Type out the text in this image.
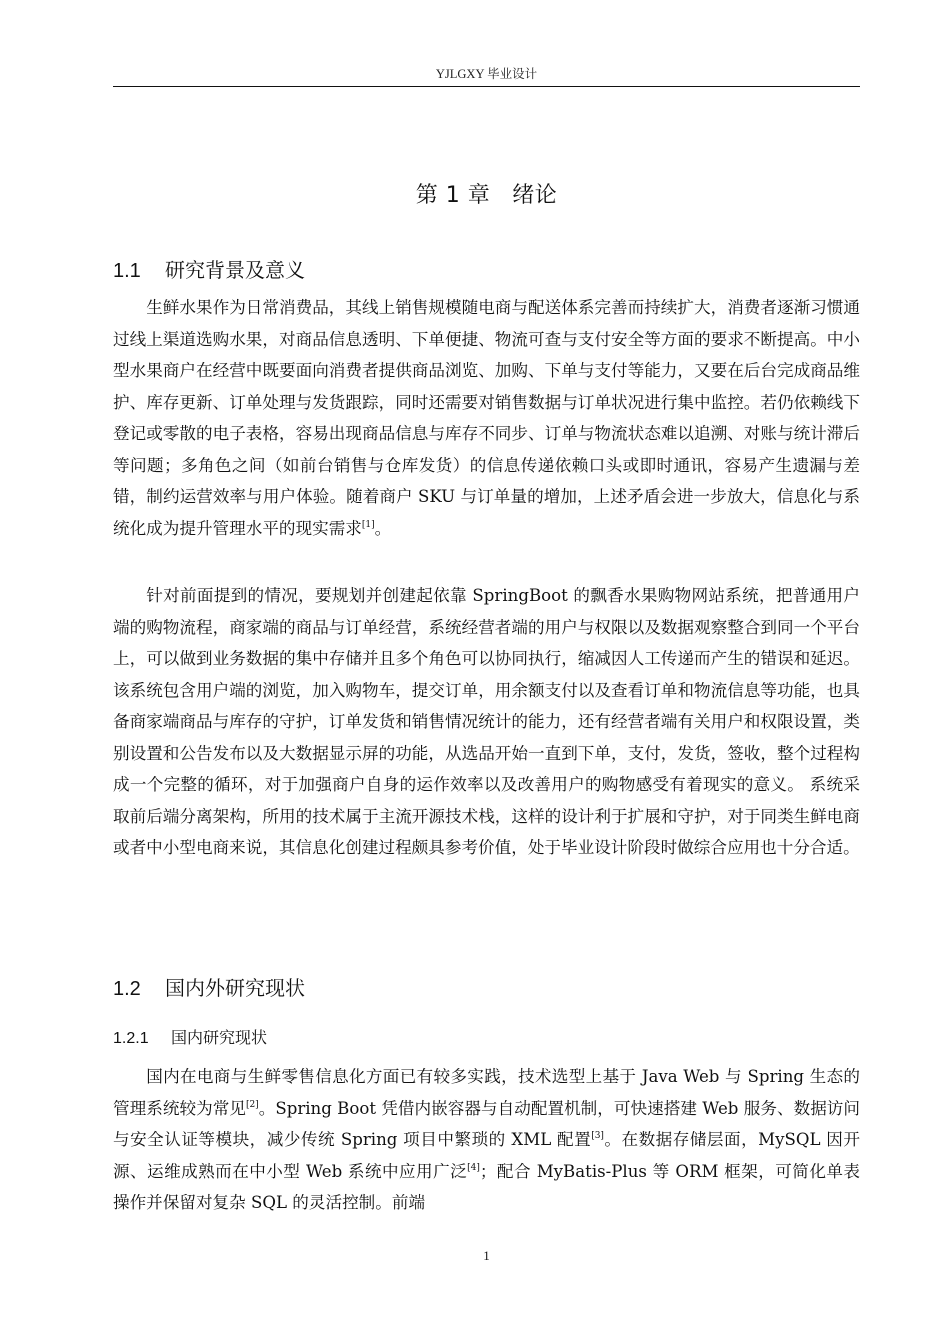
YJLGXY 毕业设计
第 1 章 绪论
1.1 研究背景及意义

生鲜水果作为日常消费品，其线上销售规模随电商与配送体系完善而持续扩大，消费者逐渐习惯通过线上渠道选购水果，对商品信息透明、下单便捷、物流可查与支付安全等方面的要求不断提高。中小型水果商户在经营中既要面向消费者提供商品浏览、加购、下单与支付等能力，又要在后台完成商品维护、库存更新、订单处理与发货跟踪，同时还需要对销售数据与订单状况进行集中监控。若仍依赖线下登记或零散的电子表格，容易出现商品信息与库存不同步、订单与物流状态难以追溯、对账与统计滞后等问题；多角色之间（如前台销售与仓库发货）的信息传递依赖口头或即时通讯，容易产生遗漏与差错，制约运营效率与用户体验。随着商户 SKU 与订单量的增加，上述矛盾会进一步放大，信息化与系统化成为提升管理水平的现实需求[1]。

针对前面提到的情况，要规划并创建起依靠 SpringBoot 的飘香水果购物网站系统，把普通用户端的购物流程，商家端的商品与订单经营，系统经营者端的用户与权限以及数据观察整合到同一个平台上，可以做到业务数据的集中存储并且多个角色可以协同执行，缩减因人工传递而产生的错误和延迟。该系统包含用户端的浏览，加入购物车，提交订单，用余额支付以及查看订单和物流信息等功能，也具备商家端商品与库存的守护，订单发货和销售情况统计的能力，还有经营者端有关用户和权限设置，类别设置和公告发布以及大数据显示屏的功能，从选品开始一直到下单，支付，发货，签收，整个过程构成一个完整的循环，对于加强商户自身的运作效率以及改善用户的购物感受有着现实的意义。 系统采取前后端分离架构，所用的技术属于主流开源技术栈，这样的设计利于扩展和守护，对于同类生鲜电商或者中小型电商来说，其信息化创建过程颇具参考价值，处于毕业设计阶段时做综合应用也十分合适。

1.2 国内外研究现状
1.2.1 国内研究现状

国内在电商与生鲜零售信息化方面已有较多实践，技术选型上基于 Java Web 与 Spring 生态的管理系统较为常见[2]。Spring Boot 凭借内嵌容器与自动配置机制，可快速搭建 Web 服务、数据访问与安全认证等模块，减少传统 Spring 项目中繁琐的 XML 配置[3]。在数据存储层面，MySQL 因开源、运维成熟而在中小型 Web 系统中应用广泛[4]；配合 MyBatis-Plus 等 ORM 框架，可简化单表操作并保留对复杂 SQL 的灵活控制。前端

1
